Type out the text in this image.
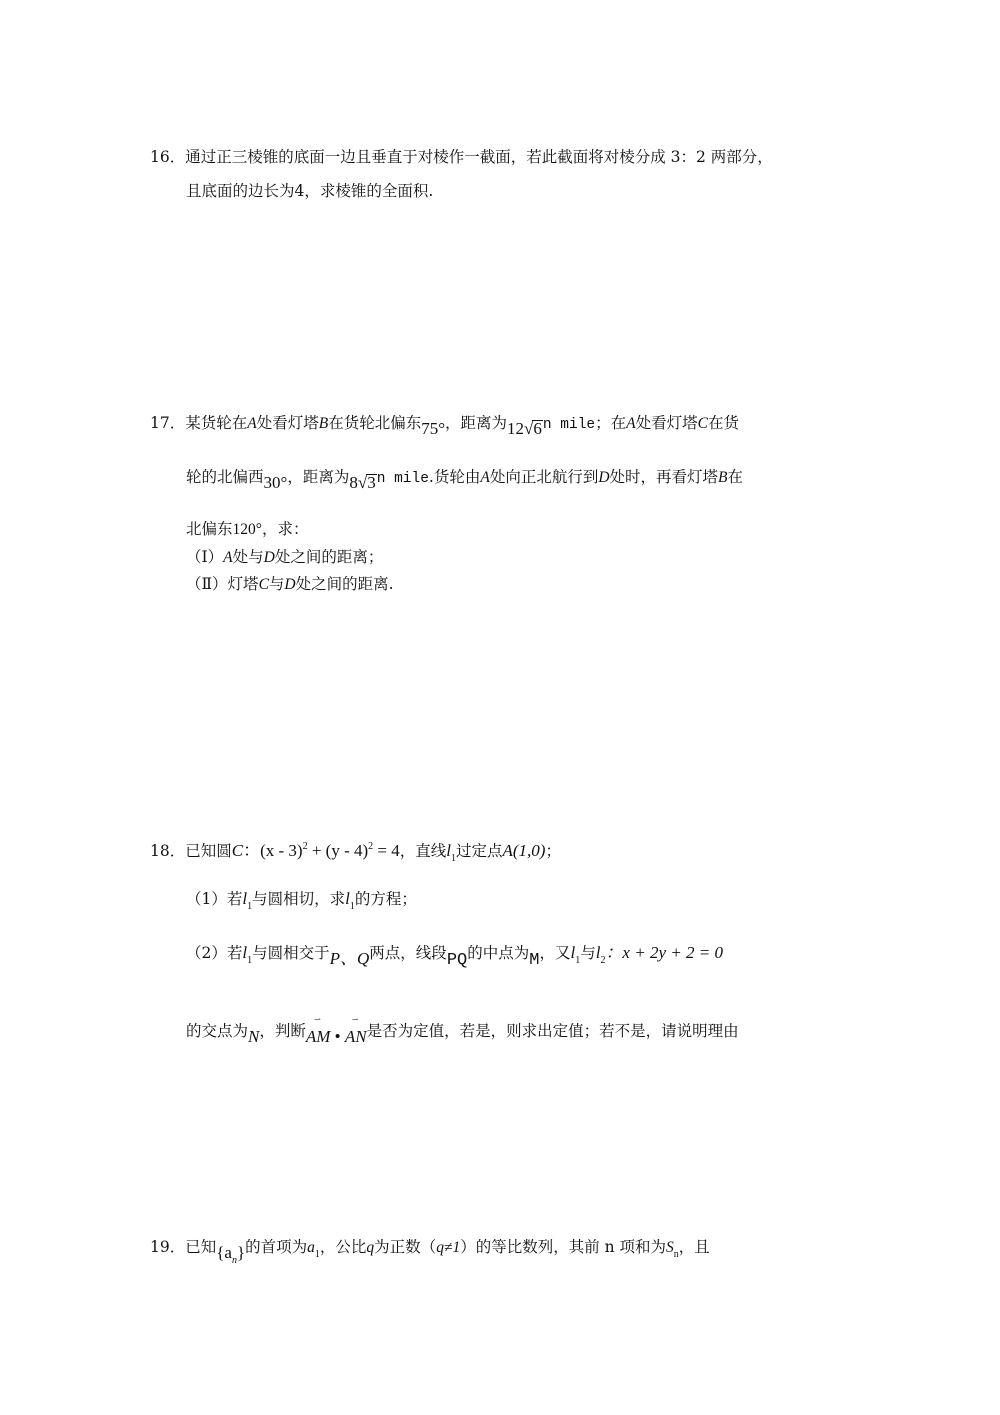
16．通过正三棱锥的底面一边且垂直于对棱作一截面，若此截面将对棱分成 3：2 两部分，
且底面的边长为4，求棱锥的全面积.
17．某货轮在A处看灯塔B在货轮北偏东75°，距离为12√6n mile；在A处看灯塔C在货
轮的北偏西30°，距离为8√3n mile.货轮由A处向正北航行到D处时，再看灯塔B在
北偏东120°，求：
（Ⅰ）A处与D处之间的距离；
（Ⅱ）灯塔C与D处之间的距离.
18．已知圆C：(x - 3)$^2$ + (y - 4)$^2$ = 4，直线$l_1$过定点A(1,0)；
（1）若$l_1$与圆相切，求$l_1$的方程；
（2）若$l_1$与圆相交于P、Q两点，线段PQ的中点为M，又$l_1$与$l_2$：x + 2y + 2 = 0
的交点为N，判断
⇀
AM •
⇀
AN是否为定值，若是，则求出定值；若不是，请说明理由
19．已知$\{a_n\}$的首项为$a_1$，公比q为正数（q≠1）的等比数列，其前 n 项和为$S_n$，且
